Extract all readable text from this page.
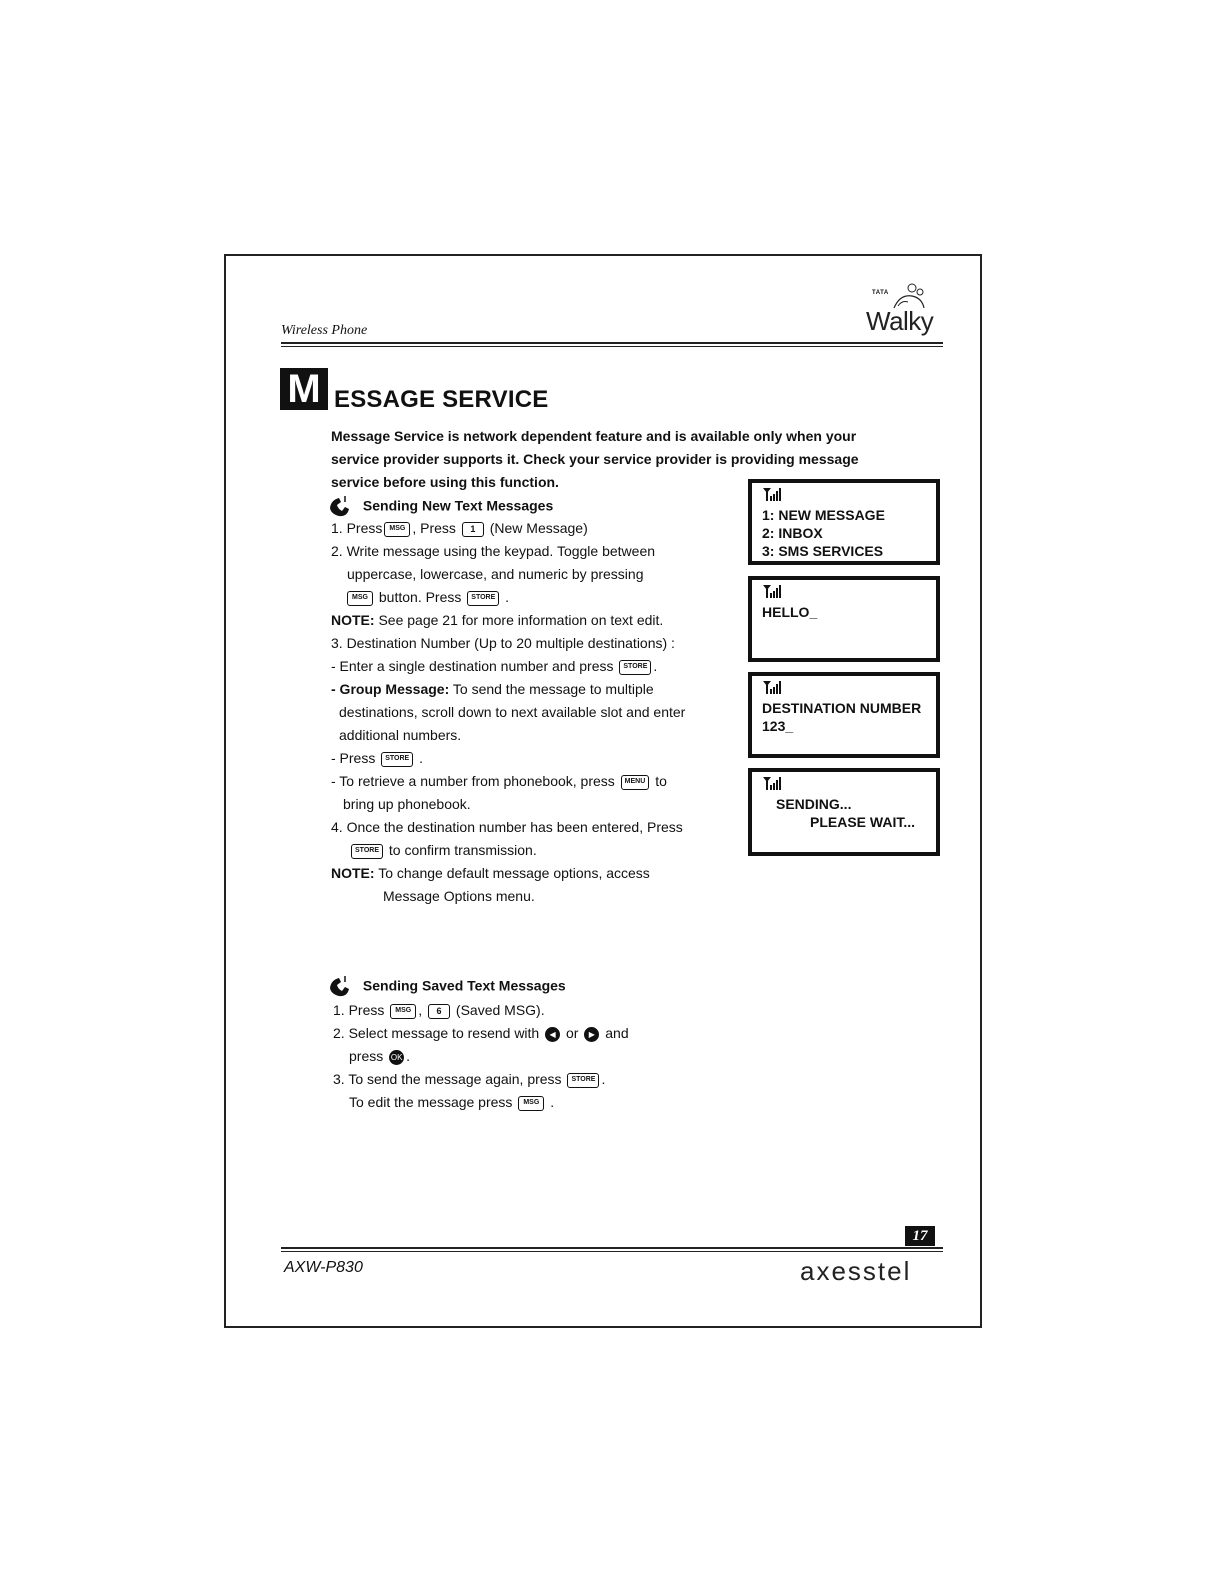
Wireless Phone
TATA
Walky
M ESSAGE SERVICE
Message Service is network dependent feature and is available only when your
service provider supports it. Check your service provider is providing message
service before using this function.
Sending New Text Messages
1. Press MSG , Press 1 (New Message)
2. Write message using the keypad. Toggle between
uppercase, lowercase, and numeric by pressing
MSG button. Press STORE .
NOTE: See page 21 for more information on text edit.
3. Destination Number (Up to 20 multiple destinations) :
- Enter a single destination number and press STORE .
- Group Message: To send the message to multiple
destinations, scroll down to next available slot and enter
additional numbers.
- Press STORE .
- To retrieve a number from phonebook, press MENU to
bring up phonebook.
4. Once the destination number has been entered, Press
STORE to confirm transmission.
NOTE: To change default message options, access
Message Options menu.
Sending Saved Text Messages
1. Press MSG , 6 (Saved MSG).
2. Select message to resend with ◀ or ▶ and
press OK .
3. To send the message again, press STORE .
To edit the message press MSG .
1: NEW MESSAGE
2: INBOX
3: SMS SERVICES
HELLO_
DESTINATION NUMBER
123_
SENDING...
PLEASE WAIT...
17
AXW-P830	axesstel
